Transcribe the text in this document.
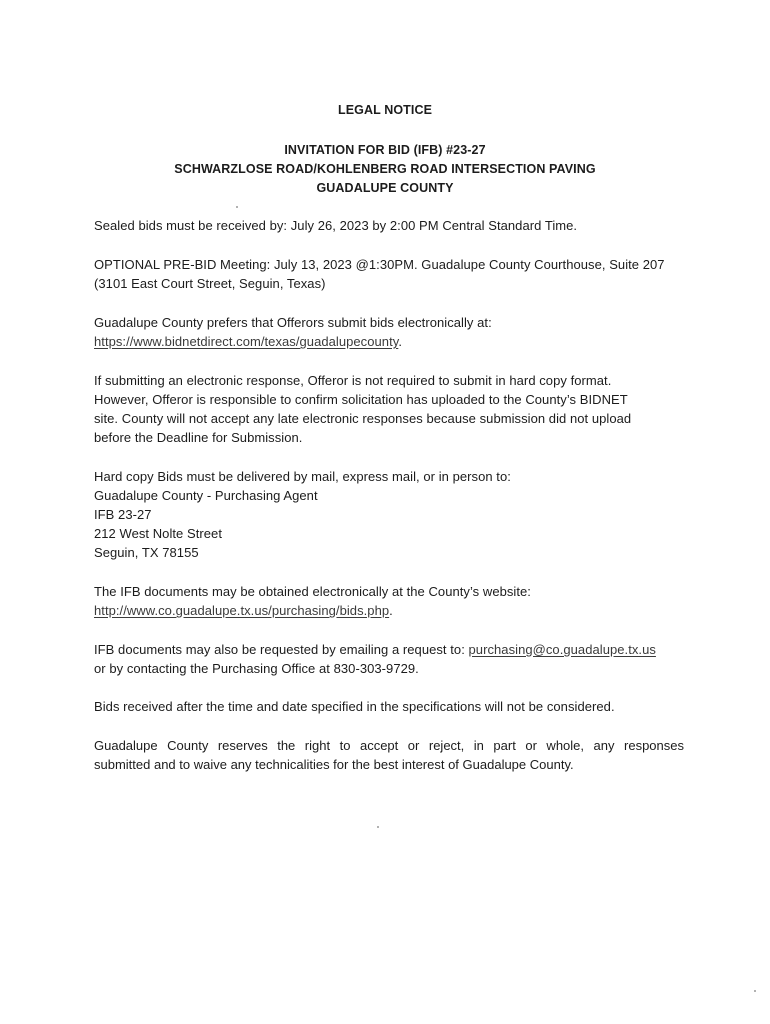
LEGAL NOTICE
INVITATION FOR BID (IFB) #23-27
SCHWARZLOSE ROAD/KOHLENBERG ROAD INTERSECTION PAVING
GUADALUPE COUNTY
Sealed bids must be received by: July 26, 2023 by 2:00 PM Central Standard Time.
OPTIONAL PRE-BID Meeting: July 13, 2023 @1:30PM. Guadalupe County Courthouse, Suite 207
(3101 East Court Street, Seguin, Texas)
Guadalupe County prefers that Offerors submit bids electronically at:
https://www.bidnetdirect.com/texas/guadalupecounty.
If submitting an electronic response, Offeror is not required to submit in hard copy format.
However, Offeror is responsible to confirm solicitation has uploaded to the County’s BIDNET
site. County will not accept any late electronic responses because submission did not upload
before the Deadline for Submission.
Hard copy Bids must be delivered by mail, express mail, or in person to:
Guadalupe County - Purchasing Agent
IFB 23-27
212 West Nolte Street
Seguin, TX 78155
The IFB documents may be obtained electronically at the County’s website:
http://www.co.guadalupe.tx.us/purchasing/bids.php.
IFB documents may also be requested by emailing a request to: purchasing@co.guadalupe.tx.us
or by contacting the Purchasing Office at 830-303-9729.
Bids received after the time and date specified in the specifications will not be considered.
Guadalupe County reserves the right to accept or reject, in part or whole, any responses
submitted and to waive any technicalities for the best interest of Guadalupe County.
